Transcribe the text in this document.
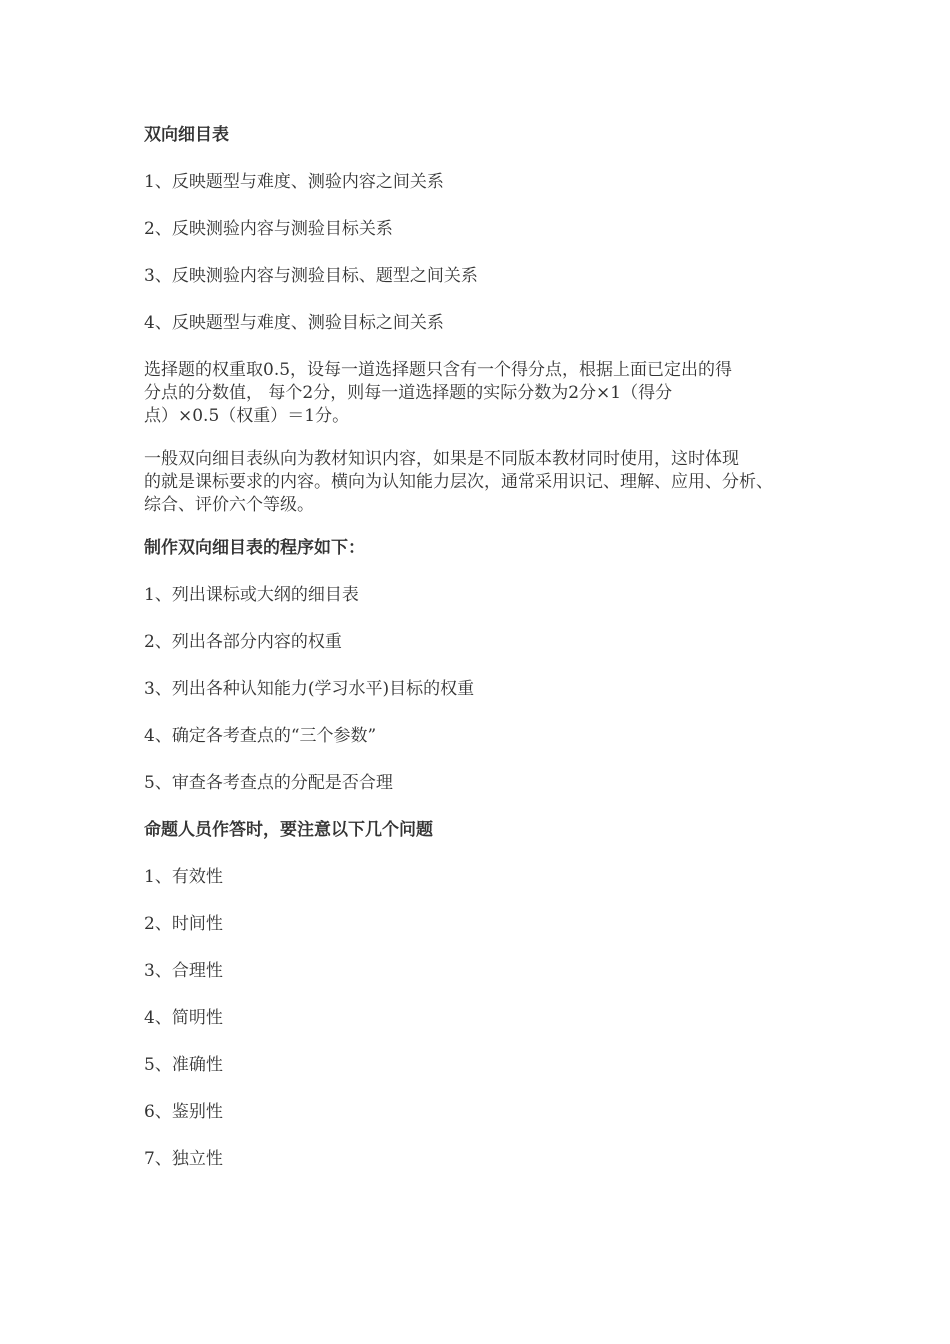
双向细目表
1、反映题型与难度、测验内容之间关系
2、反映测验内容与测验目标关系
3、反映测验内容与测验目标、题型之间关系
4、反映题型与难度、测验目标之间关系
选择题的权重取0.5，设每一道选择题只含有一个得分点，根据上面已定出的得
分点的分数值， 每个2分，则每一道选择题的实际分数为2分×1（得分
点）×0.5（权重）＝1分。
一般双向细目表纵向为教材知识内容，如果是不同版本教材同时使用，这时体现
的就是课标要求的内容。横向为认知能力层次，通常采用识记、理解、应用、分析、
综合、评价六个等级。
制作双向细目表的程序如下：
1、列出课标或大纲的细目表
2、列出各部分内容的权重
3、列出各种认知能力(学习水平)目标的权重
4、确定各考查点的“三个参数”
5、审查各考查点的分配是否合理
命题人员作答时，要注意以下几个问题
1、有效性
2、时间性
3、合理性
4、简明性
5、准确性
6、鉴别性
7、独立性
